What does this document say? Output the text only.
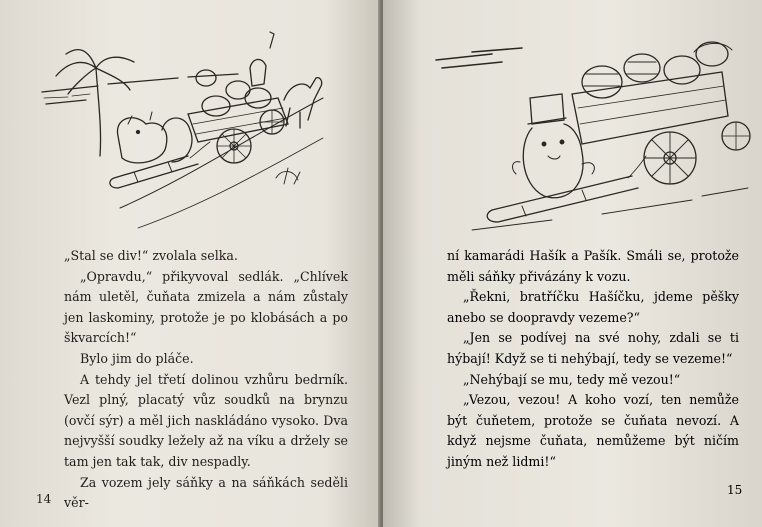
„Stal se div!“ zvolala selka.

„Opravdu,“ přikyvoval sedlák. „Chlívek nám uletěl, čuňata zmizela a nám zůstaly jen laskominy, protože je po klobásách a po škvarcích!“

Bylo jim do pláče.

A tehdy jel třetí dolinou vzhůru bedrník. Vezl plný, placatý vůz soudků na brynzu (ovčí sýr) a měl jich naskládáno vysoko. Dva nejvyšší soudky ležely až na víku a držely se tam jen tak tak, div nespadly.

Za vozem jely sáňky a na sáňkách seděli věr-

14

ní kamarádi Hašík a Pašík. Smáli se, protože měli sáňky přivázány k vozu.

„Řekni, bratříčku Hašíčku, jdeme pěšky anebo se doopravdy vezeme?“

„Jen se podívej na své nohy, zdali se ti hýbají! Když se ti nehýbají, tedy se vezeme!“

„Nehýbají se mu, tedy mě vezou!“

„Vezou, vezou! A koho vozí, ten nemůže být čuňetem, protože se čuňata nevozí. A když nejsme čuňata, nemůžeme být ničím jiným než lidmi!“

15
